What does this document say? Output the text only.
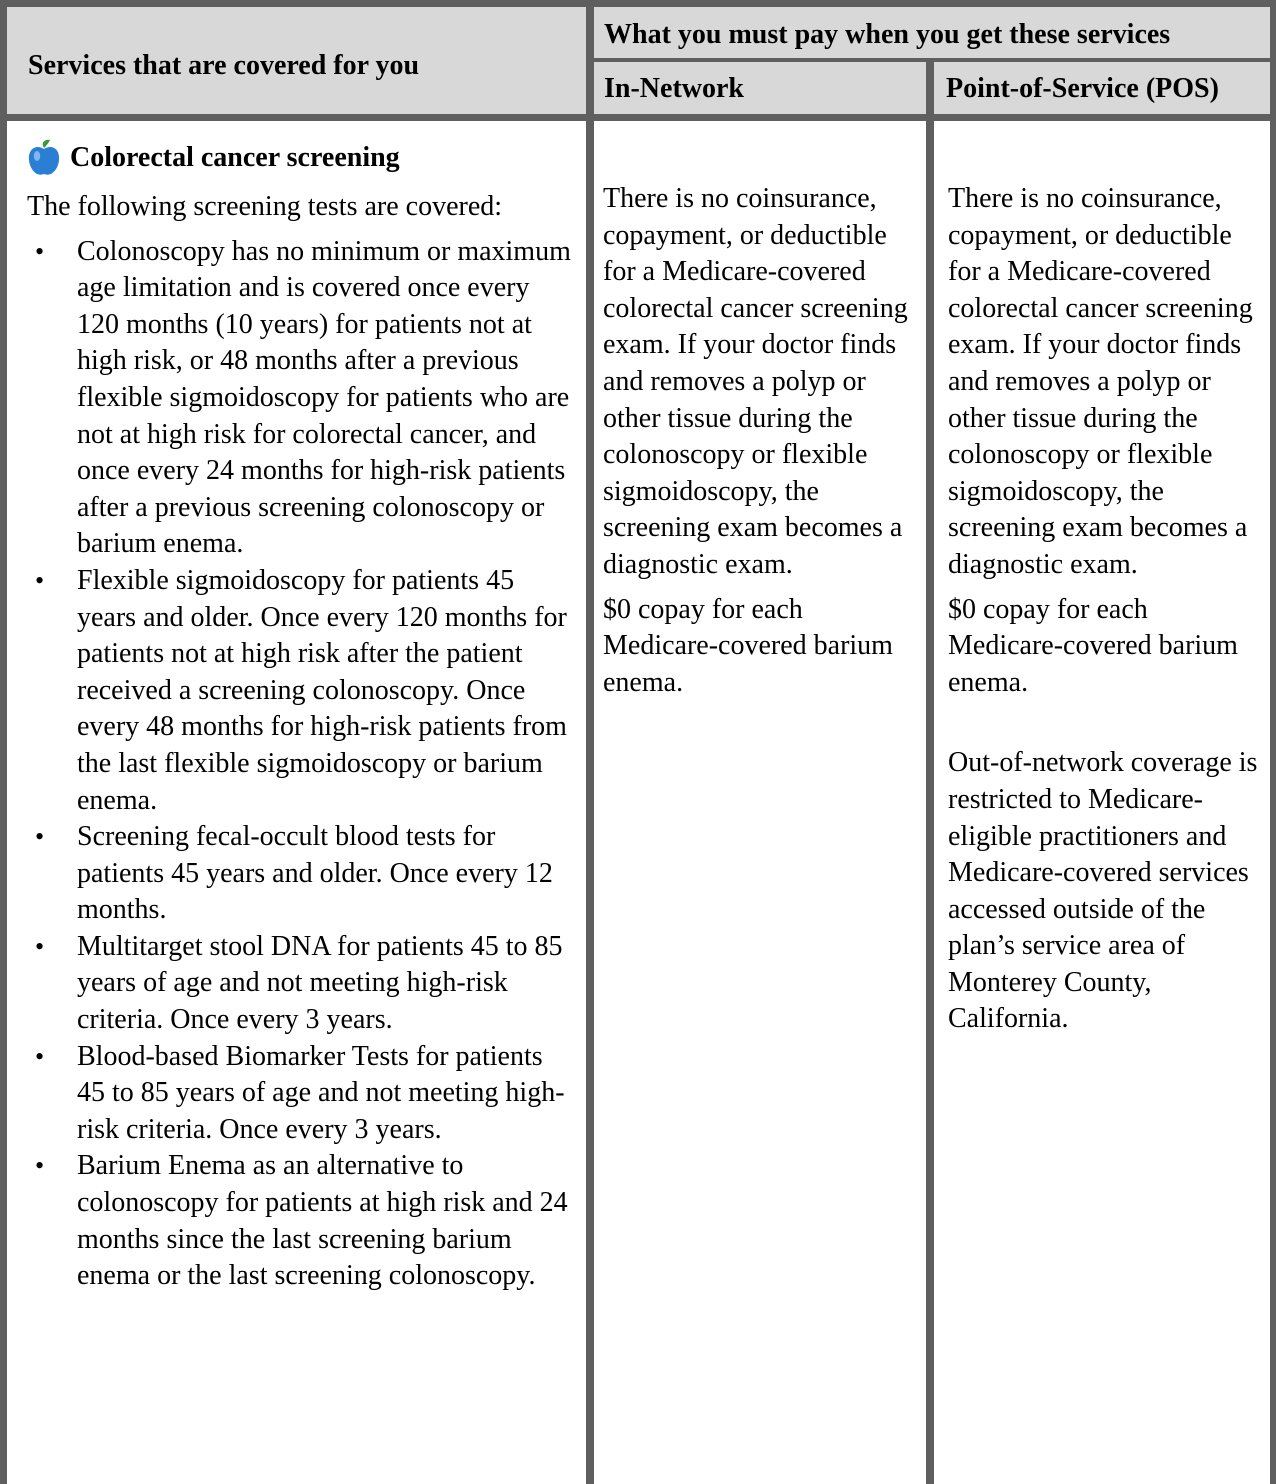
Services that are covered for you
What you must pay when you get these services
In-Network	Point-of-Service (POS)
Colorectal cancer screening

The following screening tests are covered:

• Colonoscopy has no minimum or maximum age limitation and is covered once every 120 months (10 years) for patients not at high risk, or 48 months after a previous flexible sigmoidoscopy for patients who are not at high risk for colorectal cancer, and once every 24 months for high-risk patients after a previous screening colonoscopy or barium enema.
• Flexible sigmoidoscopy for patients 45 years and older. Once every 120 months for patients not at high risk after the patient received a screening colonoscopy. Once every 48 months for high-risk patients from the last flexible sigmoidoscopy or barium enema.
• Screening fecal-occult blood tests for patients 45 years and older. Once every 12 months.
• Multitarget stool DNA for patients 45 to 85 years of age and not meeting high-risk criteria. Once every 3 years.
• Blood-based Biomarker Tests for patients 45 to 85 years of age and not meeting high-risk criteria. Once every 3 years.
• Barium Enema as an alternative to colonoscopy for patients at high risk and 24 months since the last screening barium enema or the last screening colonoscopy.

There is no coinsurance, copayment, or deductible for a Medicare-covered colorectal cancer screening exam. If your doctor finds and removes a polyp or other tissue during the colonoscopy or flexible sigmoidoscopy, the screening exam becomes a diagnostic exam.

$0 copay for each Medicare-covered barium enema.

There is no coinsurance, copayment, or deductible for a Medicare-covered colorectal cancer screening exam. If your doctor finds and removes a polyp or other tissue during the colonoscopy or flexible sigmoidoscopy, the screening exam becomes a diagnostic exam.

$0 copay for each Medicare-covered barium enema.

Out-of-network coverage is restricted to Medicare-eligible practitioners and Medicare-covered services accessed outside of the plan’s service area of Monterey County, California.
